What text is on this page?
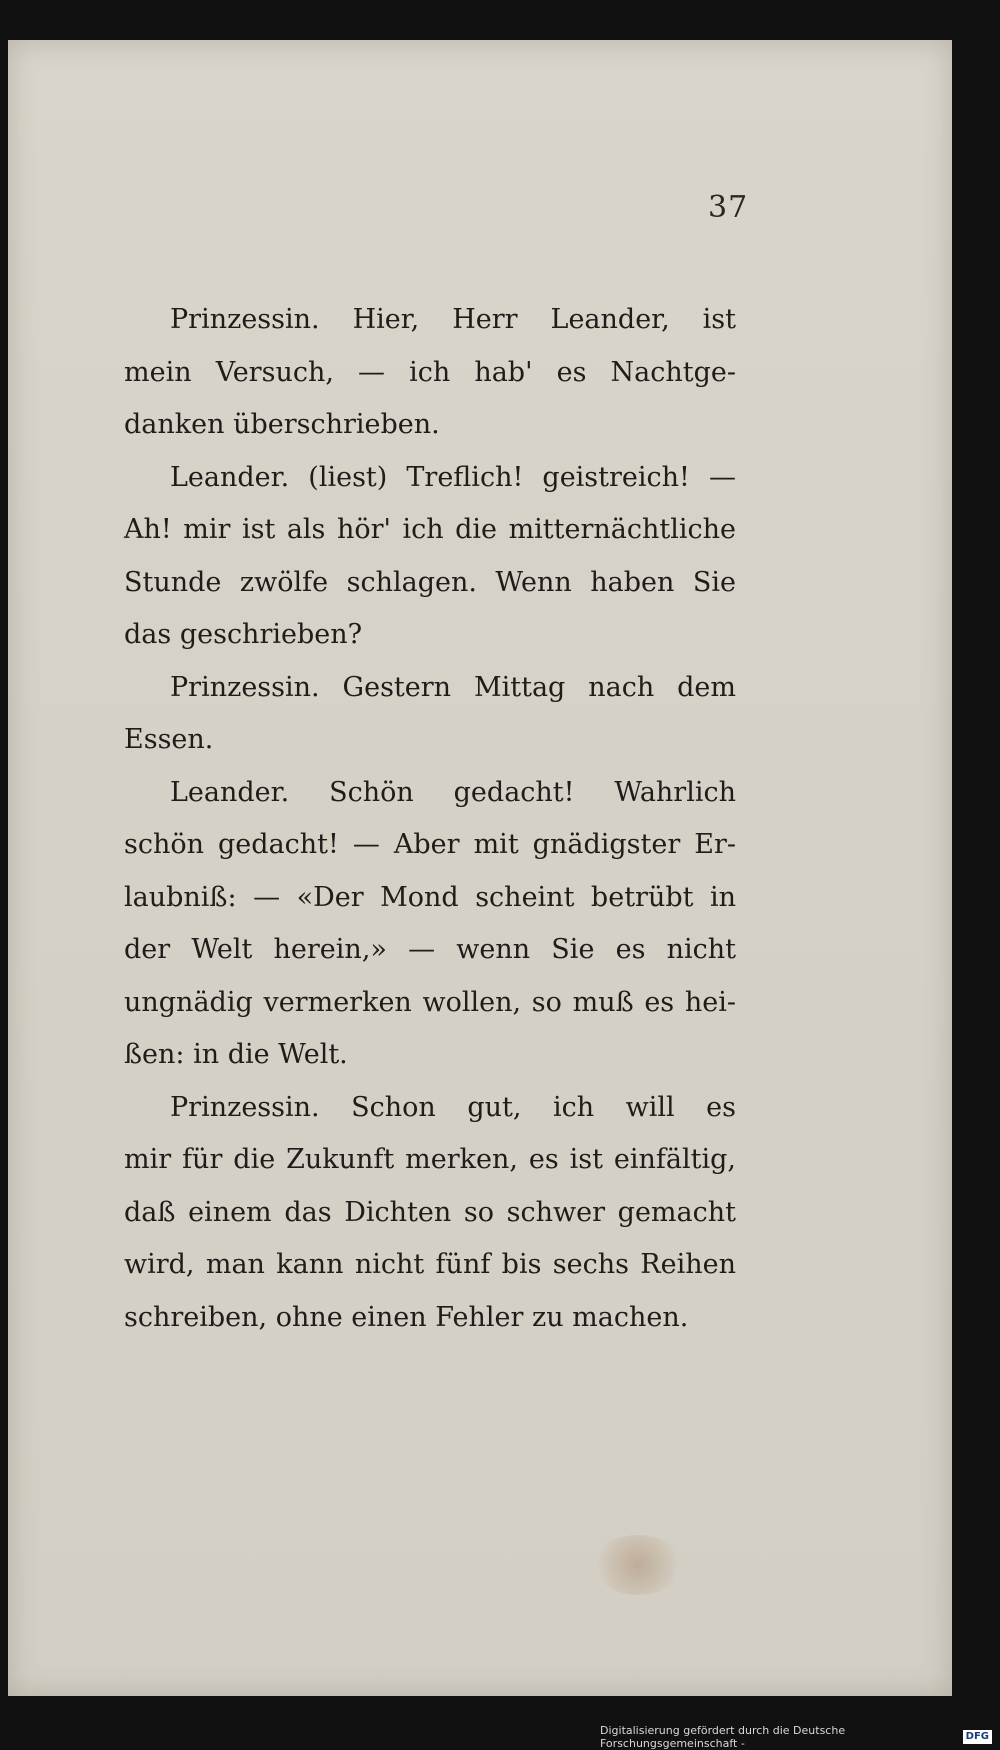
37
Prinzessin. Hier, Herr Leander, ist
mein Versuch, — ich hab' es Nachtge-
danken überschrieben.
Leander. (liest) Treflich! geistreich! —
Ah! mir ist als hör' ich die mitternächtliche
Stunde zwölfe schlagen. Wenn haben Sie
das geschrieben?
Prinzessin. Gestern Mittag nach dem
Essen.
Leander. Schön gedacht! Wahrlich
schön gedacht! — Aber mit gnädigster Er-
laubniß: — «Der Mond scheint betrübt in
der Welt herein,» — wenn Sie es nicht
ungnädig vermerken wollen, so muß es hei-
ßen: in die Welt.
Prinzessin. Schon gut, ich will es
mir für die Zukunft merken, es ist einfältig,
daß einem das Dichten so schwer gemacht
wird, man kann nicht fünf bis sechs Reihen
schreiben, ohne einen Fehler zu machen.
Digitalisierung gefördert durch die Deutsche Forschungsgemeinschaft -
DFG
